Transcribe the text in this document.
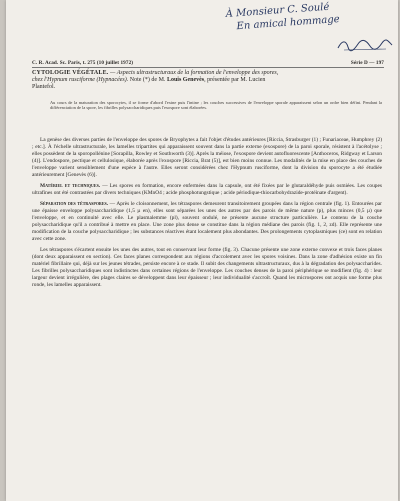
À Monsieur C. Soulé
En amical hommage
C. R. Acad. Sc. Paris, t. 275 (10 juillet 1972)	Série D — 197
CYTOLOGIE VÉGÉTALE. — Aspects ultrastructuraux de la formation de l'enveloppe des spores, chez l'Hypnum rusciforme (Hypnacées). Note (*) de M. Louis Genevès, présentée par M. Lucien Plantefol.
Au cours de la maturation des sporocytes, il se forme d'abord l'exine puis l'intine ; les couches successives de l'enveloppe sporale apparaissent selon un ordre bien défini. Pendant la différenciation de la spore, les fibrilles polysaccharidiques puis l'exospore sont élaborées.

La genèse des diverses parties de l'enveloppe des spores de Bryophytes a fait l'objet d'études antérieures [Riccia, Strasburger (1) ; Funariaceae, Humphrey (2) ; etc.]. À l'échelle ultrastructurale, les lamelles tripartites qui apparaissent souvent dans la partie externe (exospore) de la paroi sporale, résistent à l'acétolyse ; elles possèdent de la sporopollénine [Sorapilla, Rowley et Southworth (3)]. Après la méiose, l'exospore devient autofluorescente [Anthoceros, Ridgway et Larson (4)]. L'endospore, pectique et cellulosique, élaborée après l'exospore [Riccia, Brat (5)], est bien moins connue. Les modalités de la mise en place des couches de l'enveloppe varient sensiblement d'une espèce à l'autre. Elles seront considérées chez l'Hypnum rusciforme, dont la division du sporocyte a été étudiée antérieurement [Genevès (6)].

Matériel et techniques. — Les spores en formation, encore enfermées dans la capsule, ont été fixées par le glutaraldéhyde puis osmiées. Les coupes ultrafines ont été contrastées par divers techniques (KMnO4 ; acide phosphotungstique ; acide périodique-thiocarbohydrazide-protéinate d'argent).

Séparation des tétraspores. — Après le cloisonnement, les tétraspores demeurent transitoirement groupées dans la région centrale (fig. 1). Entourées par une épaisse enveloppe polysaccharidique (1,5 µ en), elles sont séparées les unes des autres par des parois de même nature (p), plus minces (0,5 µ) que l'enveloppe, et en continuité avec elle. Le plasmalemme (pl), souvent ondulé, ne présente aucune structure particulière. Le contenu de la couche polysaccharidique qu'il a contribué à mettre en place. Une zone plus dense se constitue dans la région médiane des parois (fig. 1, 2, zd). Elle représente une modification de la couche polysaccharidique ; les substances réactives étant localement plus abondantes. Des prolongements cytoplasmiques (ce) sont en relation avec cette zone.

Les tétraspores s'écartent ensuite les unes des autres, tout en conservant leur forme (fig. 3). Chacune présente une zone externe convexe et trois faces planes (dont deux apparaissent en section). Ces faces planes correspondent aux régions d'accolement avec les spores voisines. Dans la zone d'adhésion existe un fin matériel fibrillaire qui, déjà sur les jeunes tétrades, persiste encore à ce stade. Il subit des changements ultrastructuraux, dus à la dégradation des polysaccharides. Les fibrilles polysaccharidiques sont indistinctes dans certaines régions de l'enveloppe. Les couches denses de la paroi périphérique se modifient (fig. 4) : leur largeur devient irrégulière, des plages claires se développent dans leur épaisseur ; leur individualité s'accroît. Quand les microspores ont acquis une forme plus ronde, les lamelles apparaissent.
